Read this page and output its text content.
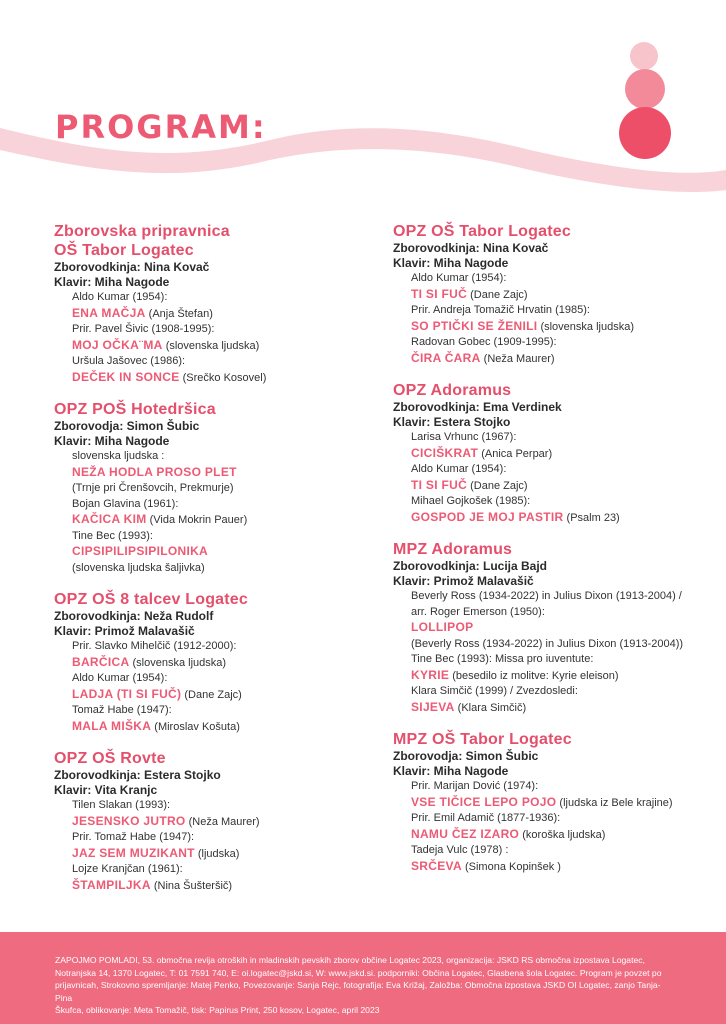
PROGRAM:
Zborovska pripravnica
OŠ Tabor Logatec
Zborovodkinja: Nina Kovač
Klavir: Miha Nagode
Aldo Kumar (1954):
ENA MAČJA (Anja Štefan)
Prir. Pavel Šivic (1908-1995):
MOJ OČKA¨MA (slovenska ljudska)
Uršula Jašovec (1986):
DEČEK IN SONCE (Srečko Kosovel)
OPZ POŠ Hotedršica
Zborovodja: Simon Šubic
Klavir: Miha Nagode
slovenska ljudska :
NEŽA HODLA PROSO PLET
(Trnje pri Črenšovcih, Prekmurje)
Bojan Glavina (1961):
KAČICA KIM (Vida Mokrin Pauer)
Tine Bec (1993):
CIPSIPILIPSIPILONIKA
(slovenska ljudska šaljivka)
OPZ OŠ 8 talcev Logatec
Zborovodkinja: Neža Rudolf
Klavir: Primož Malavašič
Prir. Slavko Mihelčič (1912-2000):
BARČICA (slovenska ljudska)
Aldo Kumar (1954):
LADJA (TI SI FUČ) (Dane Zajc)
Tomaž Habe (1947):
MALA MIŠKA (Miroslav Košuta)
OPZ OŠ Rovte
Zborovodkinja: Estera Stojko
Klavir: Vita Kranjc
Tilen Slakan (1993):
JESENSKO JUTRO (Neža Maurer)
Prir. Tomaž Habe (1947):
JAZ SEM MUZIKANT (ljudska)
Lojze Kranjčan (1961):
ŠTAMPILJKA (Nina Šušteršič)
OPZ OŠ Tabor Logatec
Zborovodkinja: Nina Kovač
Klavir: Miha Nagode
Aldo Kumar (1954):
TI SI FUČ (Dane Zajc)
Prir. Andreja Tomažič Hrvatin (1985):
SO PTIČKI SE ŽENILI (slovenska ljudska)
Radovan Gobec (1909-1995):
ČIRA ČARA (Neža Maurer)
OPZ Adoramus
Zborovodkinja: Ema Verdinek
Klavir: Estera Stojko
Larisa Vrhunc (1967):
CICIŠKRAT (Anica Perpar)
Aldo Kumar (1954):
TI SI FUČ (Dane Zajc)
Mihael Gojkošek (1985):
GOSPOD JE MOJ PASTIR (Psalm 23)
MPZ Adoramus
Zborovodkinja: Lucija Bajd
Klavir: Primož Malavašič
Beverly Ross (1934-2022) in Julius Dixon (1913-2004) /
arr. Roger Emerson (1950):
LOLLIPOP
(Beverly Ross (1934-2022) in Julius Dixon (1913-2004))
Tine Bec (1993): Missa pro iuventute:
KYRIE (besedilo iz molitve: Kyrie eleison)
Klara Simčič (1999) / Zvezdosledi:
SIJEVA (Klara Simčič)
MPZ OŠ Tabor Logatec
Zborovodja: Simon Šubic
Klavir: Miha Nagode
Prir. Marijan Dović (1974):
VSE TIČICE LEPO POJO (ljudska iz Bele krajine)
Prir. Emil Adamič (1877-1936):
NAMU ČEZ IZARO (koroška ljudska)
Tadeja Vulc (1978) :
SRČEVA (Simona Kopinšek )
ZAPOJMO POMLADI, 53. območna revija otroških in mladinskih pevskih zborov občine Logatec 2023, organizacija: JSKD RS območna izpostava Logatec,
Notranjska 14, 1370 Logatec, T: 01 7591 740, E: oi.logatec@jskd.si, W: www.jskd.si. podporniki: Občina Logatec, Glasbena šola Logatec. Program je povzet po
prijavnicah, Strokovno spremljanje: Matej Penko, Povezovanje: Sanja Rejc, fotografija: Eva Križaj, Založba: Območna izpostava JSKD OI Logatec, zanjo Tanja-Pina
Škufca, oblikovanje: Meta Tomažič, tisk: Papirus Print, 250 kosov, Logatec, april 2023
